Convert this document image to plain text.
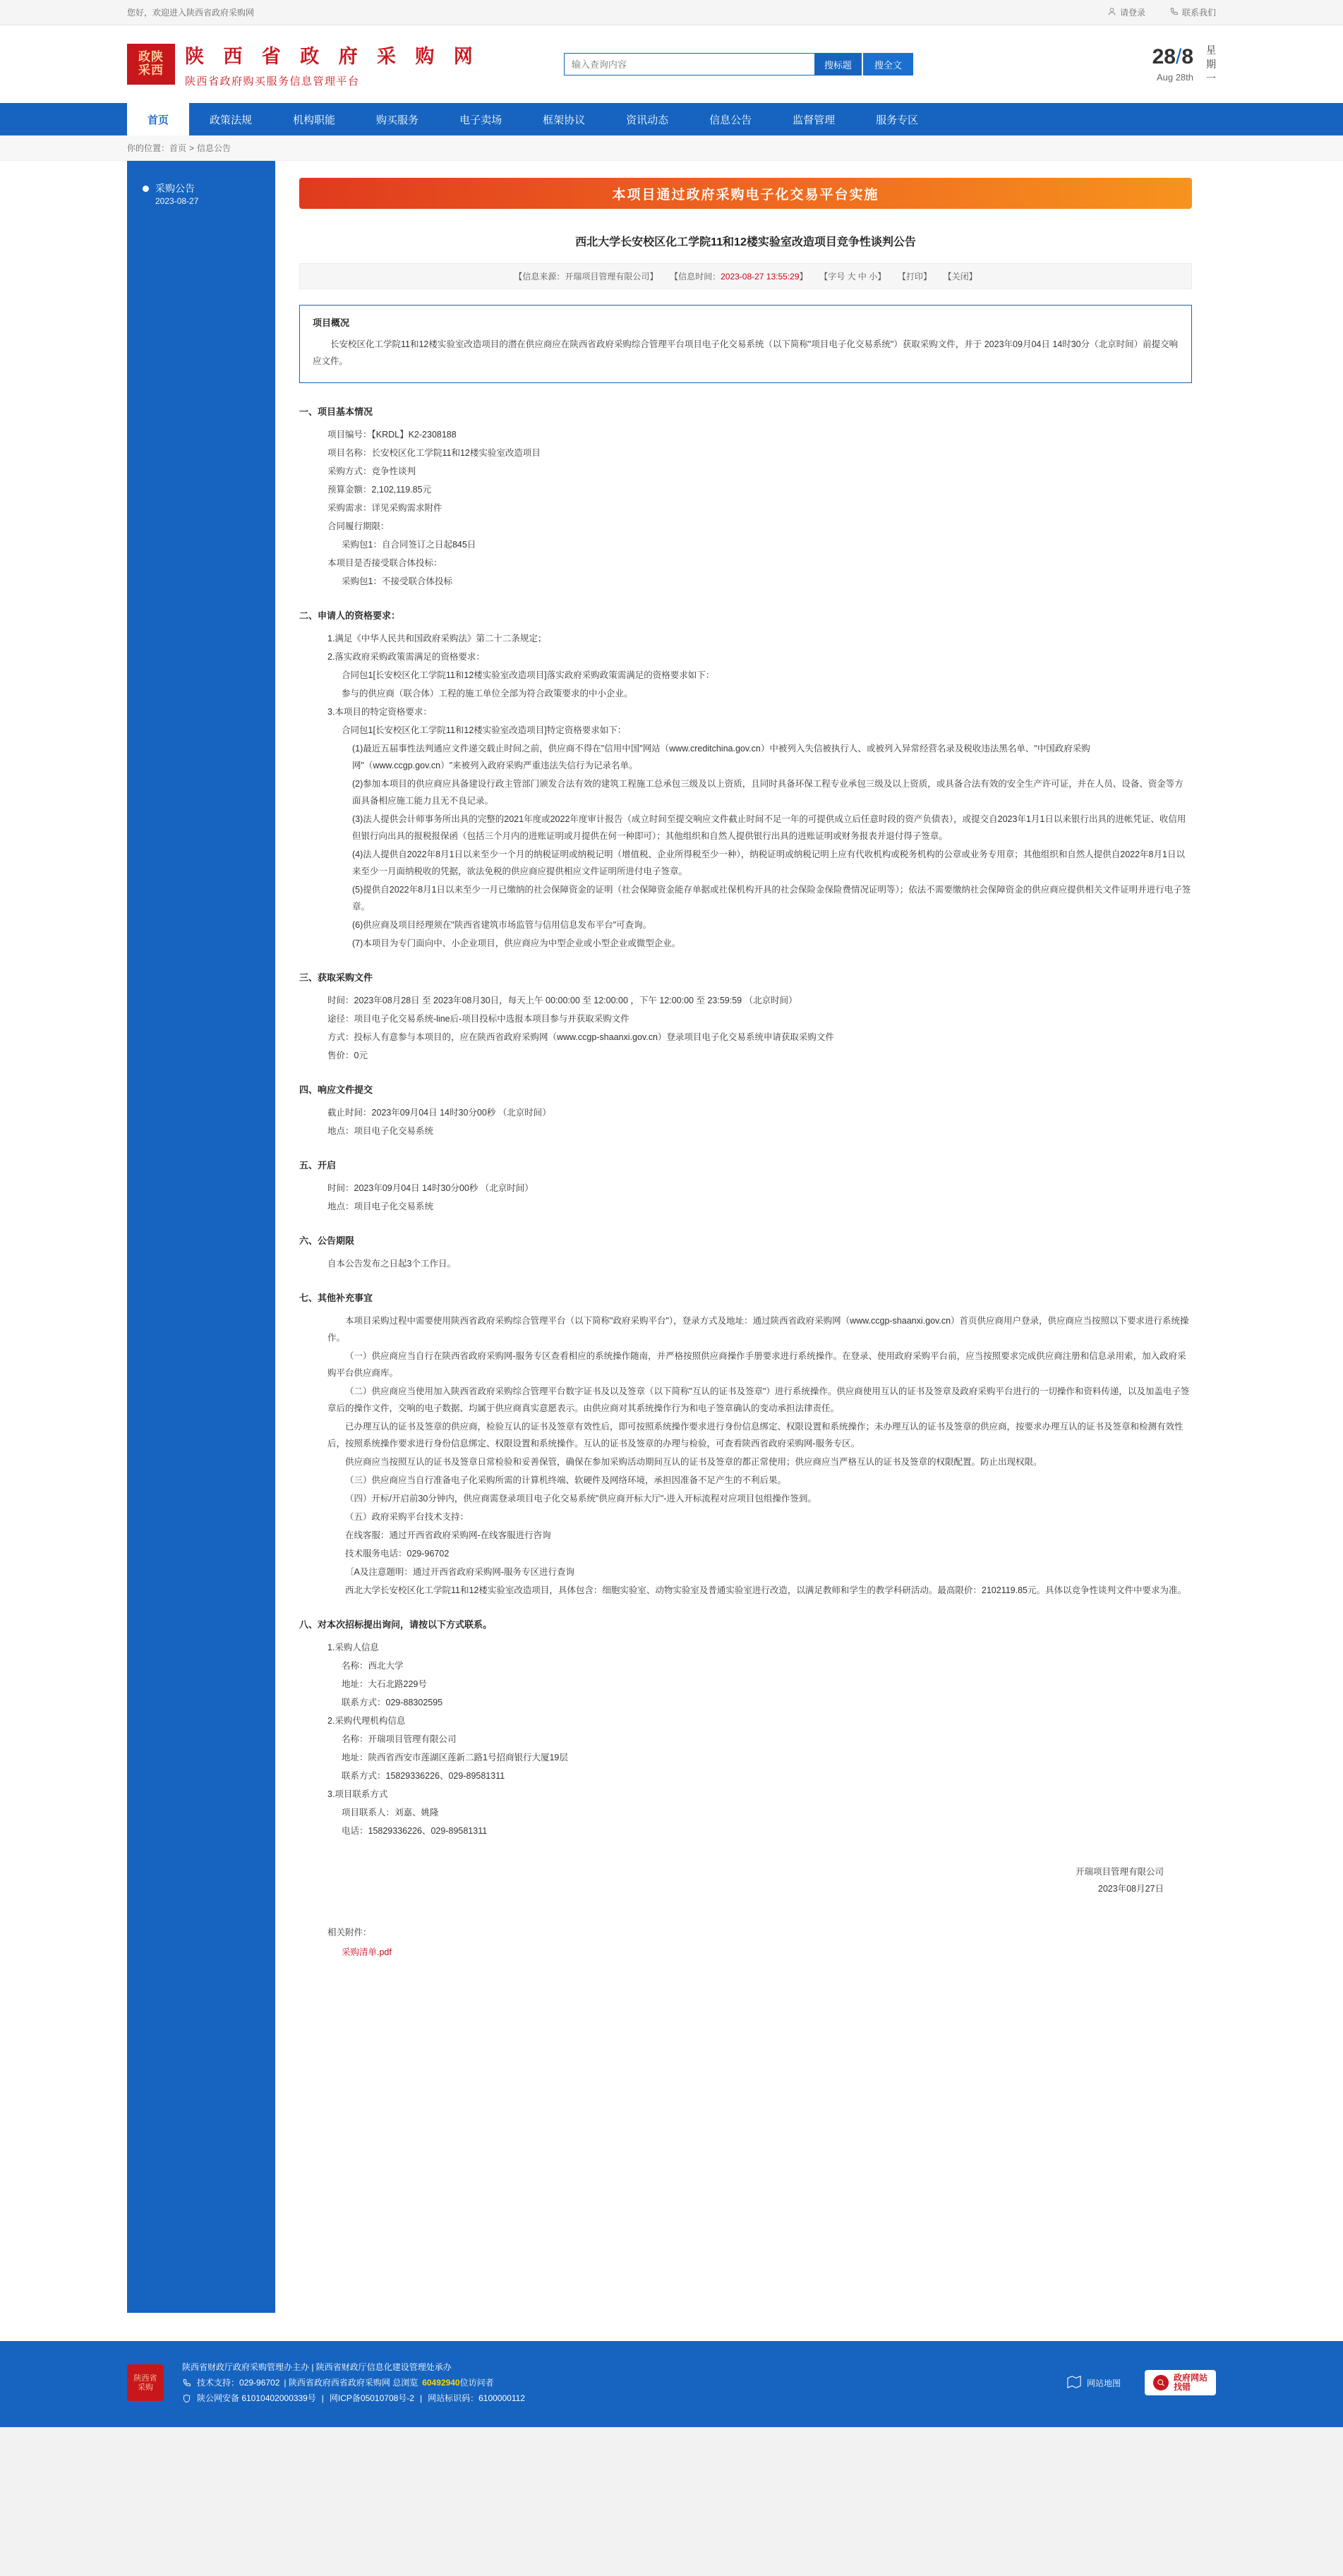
您好，欢迎进入陕西省政府采购网	请登录	联系我们
政陕
采西
陕 西 省 政 府 采 购 网
陕西省政府购买服务信息管理平台
输入查询内容
搜标题	搜全文	28/8
Aug 28th
星
期
一
首页	政策法规	机构职能	购买服务	电子卖场	框架协议	资讯动态	信息公告	监督管理	服务专区
你的位置： 首页 > 信息公告
采购公告
2023-08-27	本项目通过政府采购电子化交易平台实施
西北大学长安校区化工学院11和12楼实验室改造项目竞争性谈判公告
【信息来源：开瑞项目管理有限公司】 【信息时间：2023-08-27 13:55:29】 【字号 大 中 小】 【打印】 【关闭】
项目概况

长安校区化工学院11和12楼实验室改造项目的潜在供应商应在陕西省政府采购综合管理平台项目电子化交易系统（以下简称"项目电子化交易系统"）获取采购文件，并于 2023年09月04日 14时30分（北京时间）前提交响应文件。

一、项目基本情况
项目编号：【KRDL】K2-2308188
项目名称：长安校区化工学院11和12楼实验室改造项目
采购方式：竞争性谈判
预算金额：2,102,119.85元
采购需求：详见采购需求附件
合同履行期限：
采购包1：自合同签订之日起845日
本项目是否接受联合体投标：
采购包1：不接受联合体投标
二、申请人的资格要求：
1.满足《中华人民共和国政府采购法》第二十二条规定；
2.落实政府采购政策需满足的资格要求：
合同包1[长安校区化工学院11和12楼实验室改造项目]落实政府采购政策需满足的资格要求如下：
参与的供应商（联合体）工程的施工单位全部为符合政策要求的中小企业。
3.本项目的特定资格要求：
合同包1[长安校区化工学院11和12楼实验室改造项目]特定资格要求如下：
(1)最近五届事性法判通应文件递交载止时间之前，供应商不得在"信用中国"网站（www.creditchina.gov.cn）中被列入失信被执行人、或被列入异常经营名录及税收违法黑名单、"中国政府采购网"（www.ccgp.gov.cn）"来被列入政府采购严重违法失信行为记录名单。
(2)参加本项目的供应商应具备建设行政主管部门颁发合法有效的建筑工程施工总承包三级及以上资质，且同时具备环保工程专业承包三级及以上资质，或具备合法有效的安全生产许可证，并在人员、设备、资金等方面具备相应施工能力且无不良记录。
(3)法人提供会计师事务所出具的完整的2021年度或2022年度审计报告（成立时间至提交响应文件截止时间不足一年的可提供成立后任意时段的资产负债表），或提交自2023年1月1日以来银行出具的进帐凭证、收信用但银行向出具的报税报保函（包括三个月内的进账证明或月提供在何一种即可）；其他组织和自然人提供银行出具的进账证明或财务报表并退付得子签章。
(4)法人提供自2022年8月1日以来至少一个月的纳税证明或纳税记明（增值税、企业所得税至少一种），纳税证明或纳税记明上应有代收机构或税务机构的公章或业务专用章；其他组织和自然人提供自2022年8月1日以来至少一月面纳税收的凭据，欲法免税的供应商应提供相应文件证明所进付电子签章。
(5)提供自2022年8月1日以来至少一月已缴纳的社会保障资金的证明（社会保障资金能存单据或社保机构开具的社会保险金保险费情况证明等）；依法不需要缴纳社会保障资金的供应商应提供相关文件证明并进行电子签章。
(6)供应商及项目经理须在"陕西省建筑市场监管与信用信息发布平台"可查询。
(7)本项目为专门面向中、小企业项目，供应商应为中型企业或小型企业或微型企业。
三、获取采购文件
时间：2023年08月28日 至 2023年08月30日，每天上午 00:00:00 至 12:00:00 ，下午 12:00:00 至 23:59:59 （北京时间）
途径：项目电子化交易系统-line后-项目投标中选报本项目参与并获取采购文件
方式：投标人有意参与本项目的，应在陕西省政府采购网（www.ccgp-shaanxi.gov.cn）登录项目电子化交易系统申请获取采购文件
售价：0元
四、响应文件提交
截止时间：2023年09月04日 14时30分00秒 （北京时间）
地点：项目电子化交易系统
五、开启
时间：2023年09月04日 14时30分00秒 （北京时间）
地点：项目电子化交易系统
六、公告期限
自本公告发布之日起3个工作日。
七、其他补充事宜
本项目采购过程中需要使用陕西省政府采购综合管理平台（以下简称"政府采购平台"），登录方式及地址：通过陕西省政府采购网（www.ccgp-shaanxi.gov.cn）首页供应商用户登录，供应商应当按照以下要求进行系统操作。
（一）供应商应当自行在陕西省政府采购网-服务专区查看相应的系统操作随南，并严格按照供应商操作手册要求进行系统操作。在登录、使用政府采购平台前，应当按照要求完成供应商注册和信息录用索，加入政府采购平台供应商库。
（二）供应商应当使用加入陕西省政府采购综合管理平台数字证书及以及签章（以下简称"互认的证书及签章"）进行系统操作。供应商使用互认的证书及签章及政府采购平台进行的一切操作和资料传递，以及加盖电子签章后的操作文件，交响的电子数据、均属于供应商真实意愿表示。由供应商对其系统操作行为和电子签章确认的变动承担法律责任。
已办理互认的证书及签章的供应商，检验互认的证书及签章有效性后，即可按照系统操作要求进行身份信息绑定、权限设置和系统操作；未办理互认的证书及签章的供应商，按要求办理互认的证书及签章和检测有效性后，按照系统操作要求进行身份信息绑定、权限设置和系统操作。互认的证书及签章的办理与检验，可查看陕西省政府采购网-服务专区。
供应商应当按照互认的证书及签章日常检验和妥善保管，确保在参加采购活动期间互认的证书及签章的都正常使用；供应商应当严格互认的证书及签章的权限配置。防止出现权限。
（三）供应商应当自行准备电子化采购所需的计算机终端、软硬件及网络环境，承担因准备不足产生的不利后果。
（四）开标/开启前30分钟内，供应商需登录项目电子化交易系统"供应商开标大厅"-进入开标流程对应项目包组操作签到。
（五）政府采购平台技术支持：
在线客服：通过开西省政府采购网-在线客服进行咨询
技术服务电话：029-96702
〔A及注意题明：通过开西省政府采购网-服务专区进行查询
西北大学长安校区化工学院11和12楼实验室改造项目，具体包含：细胞实验室、动物实验室及普通实验室进行改造，以满足教师和学生的教学科研活动。最高限价：2102119.85元。具体以竞争性谈判文件中要求为准。
八、对本次招标提出询问，请按以下方式联系。
1.采购人信息
名称：西北大学
地址：大石北路229号
联系方式：029-88302595
2.采购代理机构信息
名称：开瑞项目管理有限公司
地址：陕西省西安市莲湖区莲新二路1号招商银行大厦19层
联系方式：15829336226、029-89581311
3.项目联系方式
项目联系人：刘嘉、姚隆
电话：15829336226、029-89581311
开瑞项目管理有限公司
2023年08月27日
相关附件：
采购清单.pdf
陕西省
采购
陕西省财政厅政府采购管理办主办 | 陕西省财政厅信息化建设管理处承办
技术支持： 029-96702 | 陕西省政府西省政府采购网 总浏览 60492940 位访问者
陕公网安备 61010402000339号 | 网ICP备05010708号-2 | 网站标识码：6100000112
网站地图
政府网站
找错
